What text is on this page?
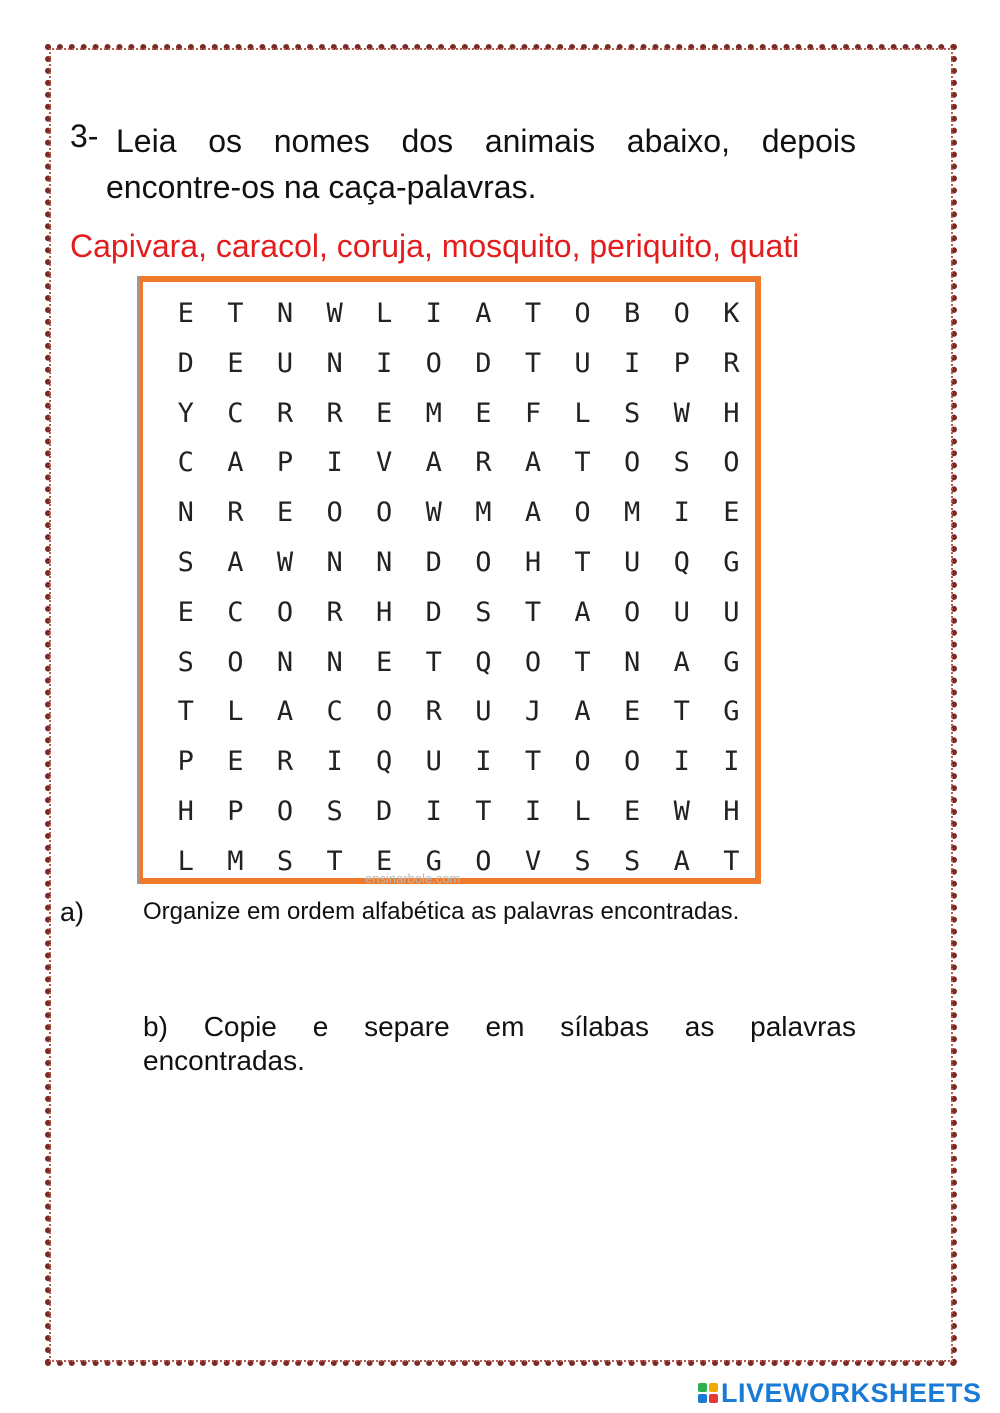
3- Leia os nomes dos animais abaixo, depois
encontre-os na caça-palavras.
Capivara, caracol, coruja, mosquito, periquito, quati
E	T	N	W	L	I	A	T	O	B	O	K
D	E	U	N	I	O	D	T	U	I	P	R
Y	C	R	R	E	M	E	F	L	S	W	H
C	A	P	I	V	A	R	A	T	O	S	O
N	R	E	O	O	W	M	A	O	M	I	E
S	A	W	N	N	D	O	H	T	U	Q	G
E	C	O	R	H	D	S	T	A	O	U	U
S	O	N	N	E	T	Q	O	T	N	A	G
T	L	A	C	O	R	U	J	A	E	T	G
P	E	R	I	Q	U	I	T	O	O	I	I
H	P	O	S	D	I	T	I	L	E	W	H
L	M	S	T	E	G	O	V	S	S	A	T
ensinarbole.com
a) Organize em ordem alfabética as palavras encontradas.
b) Copie e separe em sílabas as palavras
encontradas.
LIVEWORKSHEETS
